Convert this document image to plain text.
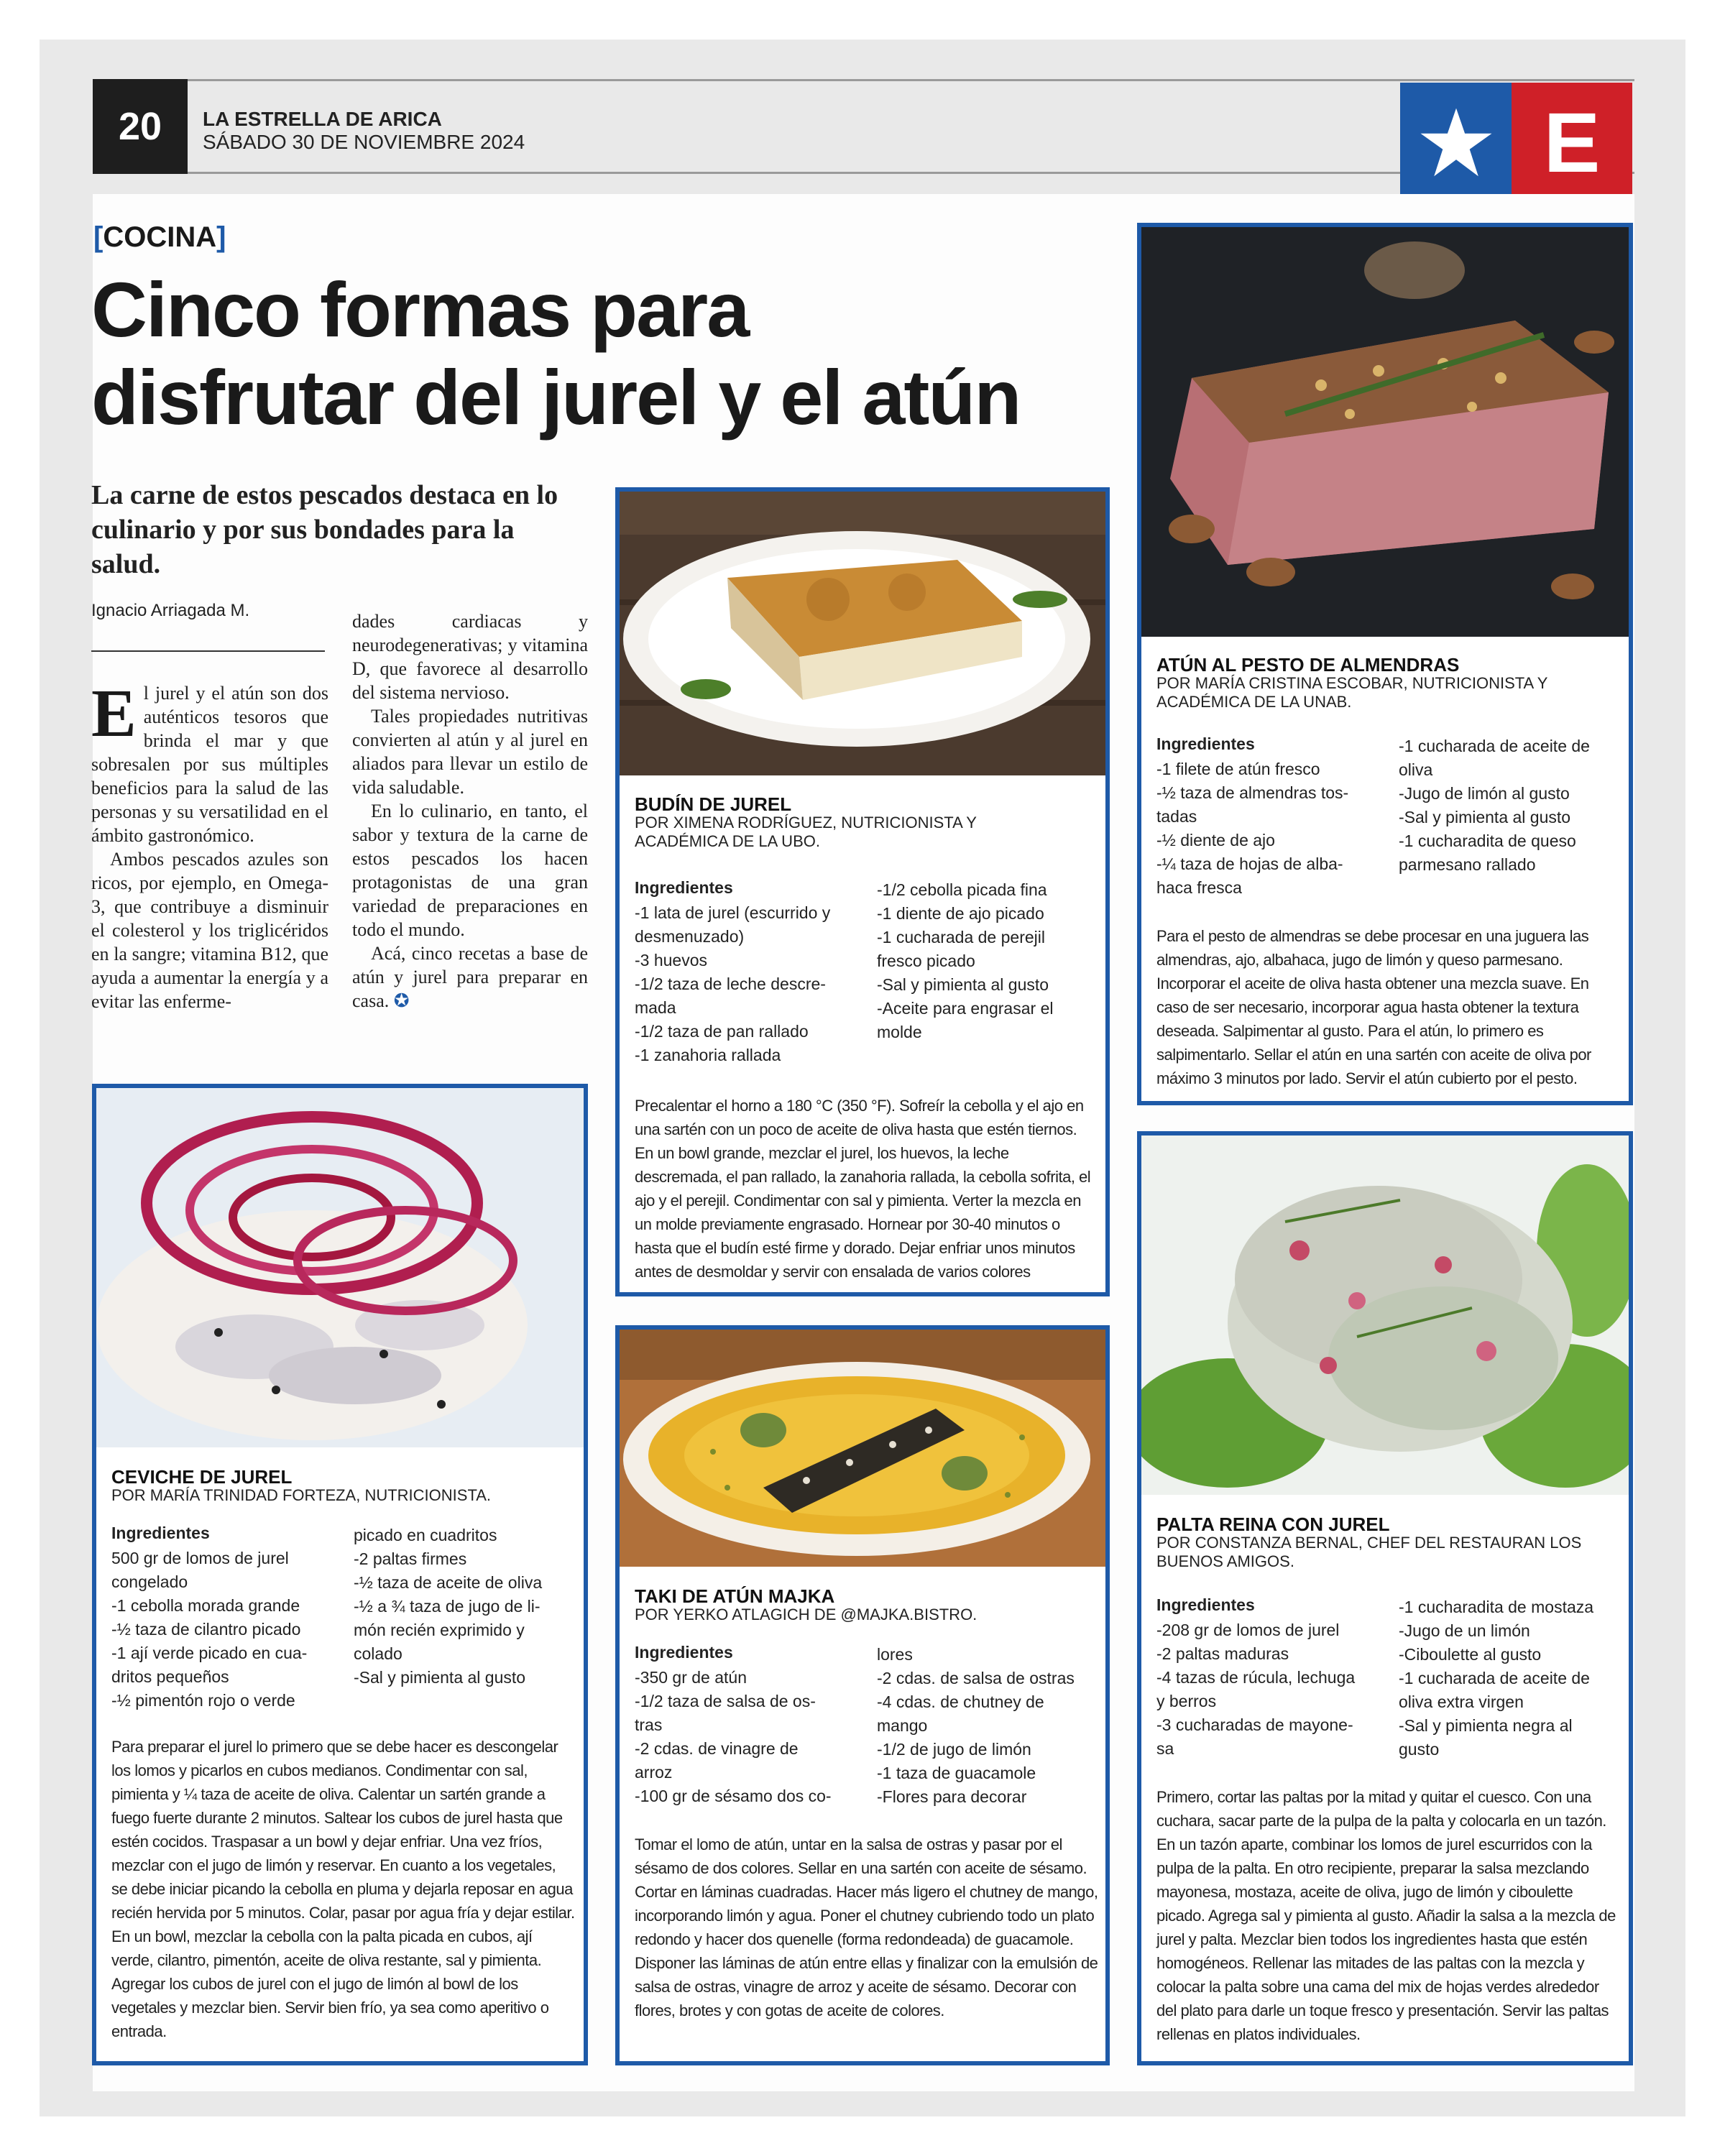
20	LA ESTRELLA DE ARICA
SÁBADO 30 DE NOVIEMBRE 2024	E
[COCINA]
Cinco formas para
disfrutar del jurel y el atún
La carne de estos pescados destaca en lo culinario y por sus bondades para la salud.
Ignacio Arriagada M.

El jurel y el atún son dos auténticos tesoros que brinda el mar y que sobresalen por sus múltiples beneficios para la salud de las personas y su versatilidad en el ámbito gastronómico.

Ambos pescados azules son ricos, por ejemplo, en Omega-3, que contribuye a disminuir el colesterol y los triglicéridos en la sangre; vitamina B12, que ayuda a aumentar la energía y a evitar las enferme-

dades cardiacas y neurodegenerativas; y vitamina D, que favorece al desarrollo del sistema nervioso.

Tales propiedades nutritivas convierten al atún y al jurel en aliados para llevar un estilo de vida saludable.

En lo culinario, en tanto, el sabor y textura de la carne de estos pescados los hacen protagonistas de una gran variedad de preparaciones en todo el mundo.

Acá, cinco recetas a base de atún y jurel para preparar en casa. ✪

BUDÍN DE JUREL
POR XIMENA RODRÍGUEZ, NUTRICIONISTA Y ACADÉMICA DE LA UBO.
Ingredientes
-1 lata de jurel (escurrido y
desmenuzado)
-3 huevos
-1/2 taza de leche descre-
mada
-1/2 taza de pan rallado
-1 zanahoria rallada
-1/2 cebolla picada fina
-1 diente de ajo picado
-1 cucharada de perejil
fresco picado
-Sal y pimienta al gusto
-Aceite para engrasar el
molde

Precalentar el horno a 180 °C (350 °F). Sofreír la cebolla y el ajo en una sartén con un poco de aceite de oliva hasta que estén tiernos. En un bowl grande, mezclar el jurel, los huevos, la leche descremada, el pan rallado, la zanahoria rallada, la cebolla sofrita, el ajo y el perejil. Condimentar con sal y pimienta. Verter la mezcla en un molde previamente engrasado. Hornear por 30-40 minutos o hasta que el budín esté firme y dorado. Dejar enfriar unos minutos antes de desmoldar y servir con ensalada de varios colores

ATÚN AL PESTO DE ALMENDRAS
POR MARÍA CRISTINA ESCOBAR, NUTRICIONISTA Y ACADÉMICA DE LA UNAB.
Ingredientes
-1 filete de atún fresco
-½ taza de almendras tos-
tadas
-½ diente de ajo
-¼ taza de hojas de alba-
haca fresca
-1 cucharada de aceite de
oliva
-Jugo de limón al gusto
-Sal y pimienta al gusto
-1 cucharadita de queso
parmesano rallado

Para el pesto de almendras se debe procesar en una juguera las almendras, ajo, albahaca, jugo de limón y queso parmesano. Incorporar el aceite de oliva hasta obtener una mezcla suave. En caso de ser necesario, incorporar agua hasta obtener la textura deseada. Salpimentar al gusto. Para el atún, lo primero es salpimentarlo. Sellar el atún en una sartén con aceite de oliva por máximo 3 minutos por lado. Servir el atún cubierto por el pesto.

CEVICHE DE JUREL
POR MARÍA TRINIDAD FORTEZA, NUTRICIONISTA.
Ingredientes
500 gr de lomos de jurel
congelado
-1 cebolla morada grande
-½ taza de cilantro picado
-1 ají verde picado en cua-
dritos pequeños
-½ pimentón rojo o verde
picado en cuadritos
-2 paltas firmes
-½ taza de aceite de oliva
-½ a ¾ taza de jugo de li-
món recién exprimido y
colado
-Sal y pimienta al gusto

Para preparar el jurel lo primero que se debe hacer es descongelar los lomos y picarlos en cubos medianos. Condimentar con sal, pimienta y ¼ taza de aceite de oliva. Calentar un sartén grande a fuego fuerte durante 2 minutos. Saltear los cubos de jurel hasta que estén cocidos. Traspasar a un bowl y dejar enfriar. Una vez fríos, mezclar con el jugo de limón y reservar. En cuanto a los vegetales, se debe iniciar picando la cebolla en pluma y dejarla reposar en agua recién hervida por 5 minutos. Colar, pasar por agua fría y dejar estilar. En un bowl, mezclar la cebolla con la palta picada en cubos, ají verde, cilantro, pimentón, aceite de oliva restante, sal y pimienta. Agregar los cubos de jurel con el jugo de limón al bowl de los vegetales y mezclar bien. Servir bien frío, ya sea como aperitivo o entrada.

TAKI DE ATÚN MAJKA
POR YERKO ATLAGICH DE @MAJKA.BISTRO.
Ingredientes
-350 gr de atún
-1/2 taza de salsa de os-
tras
-2 cdas. de vinagre de
arroz
-100 gr de sésamo dos co-
lores
-2 cdas. de salsa de ostras
-4 cdas. de chutney de
mango
-1/2 de jugo de limón
-1 taza de guacamole
-Flores para decorar

Tomar el lomo de atún, untar en la salsa de ostras y pasar por el sésamo de dos colores. Sellar en una sartén con aceite de sésamo. Cortar en láminas cuadradas. Hacer más ligero el chutney de mango, incorporando limón y agua. Poner el chutney cubriendo todo un plato redondo y hacer dos quenelle (forma redondeada) de guacamole. Disponer las láminas de atún entre ellas y finalizar con la emulsión de salsa de ostras, vinagre de arroz y aceite de sésamo. Decorar con flores, brotes y con gotas de aceite de colores.

PALTA REINA CON JUREL
POR CONSTANZA BERNAL, CHEF DEL RESTAURAN LOS BUENOS AMIGOS.
Ingredientes
-208 gr de lomos de jurel
-2 paltas maduras
-4 tazas de rúcula, lechuga
y berros
-3 cucharadas de mayone-
sa
-1 cucharadita de mostaza
-Jugo de un limón
-Ciboulette al gusto
-1 cucharada de aceite de
oliva extra virgen
-Sal y pimienta negra al
gusto

Primero, cortar las paltas por la mitad y quitar el cuesco. Con una cuchara, sacar parte de la pulpa de la palta y colocarla en un tazón. En un tazón aparte, combinar los lomos de jurel escurridos con la pulpa de la palta. En otro recipiente, preparar la salsa mezclando mayonesa, mostaza, aceite de oliva, jugo de limón y ciboulette picado. Agrega sal y pimienta al gusto. Añadir la salsa a la mezcla de jurel y palta. Mezclar bien todos los ingredientes hasta que estén homogéneos. Rellenar las mitades de las paltas con la mezcla y colocar la palta sobre una cama del mix de hojas verdes alrededor del plato para darle un toque fresco y presentación. Servir las paltas rellenas en platos individuales.
